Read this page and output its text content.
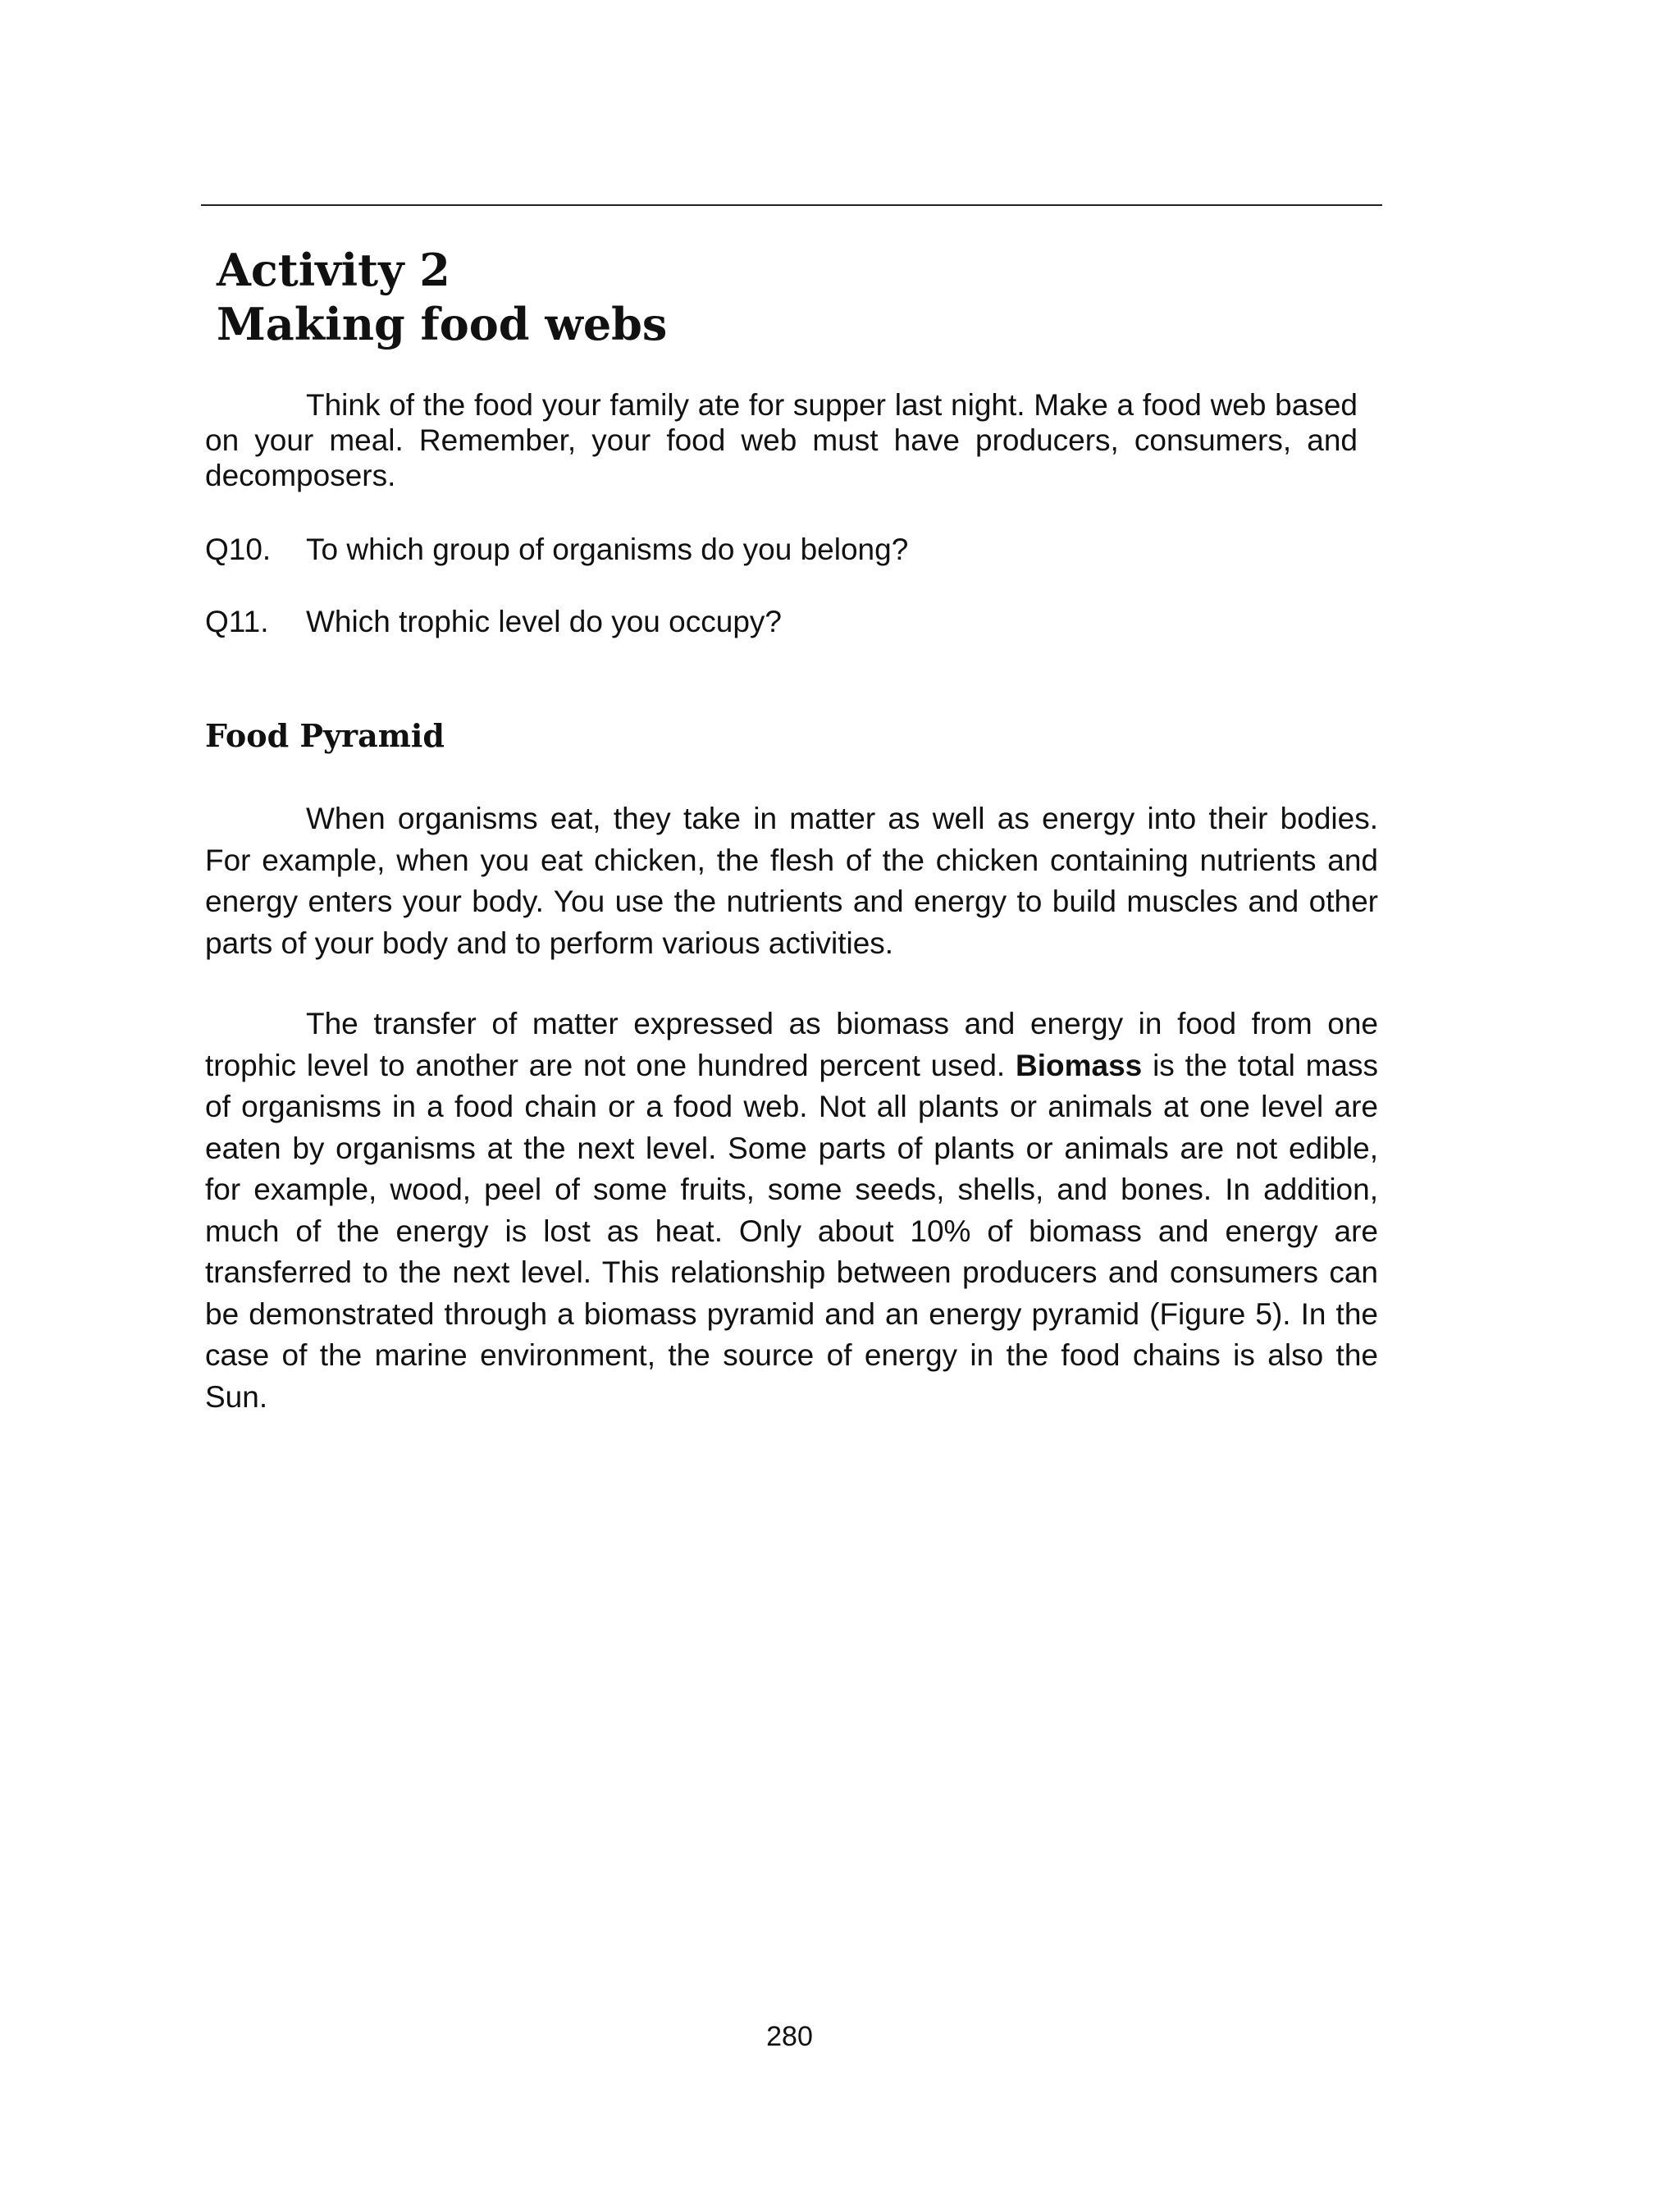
Activity 2
Making food webs

Think of the food your family ate for supper last night. Make a food web based on your meal. Remember, your food web must have producers, consumers, and decomposers.

Q10. To which group of organisms do you belong?

Q11. Which trophic level do you occupy?

Food Pyramid

When organisms eat, they take in matter as well as energy into their bodies. For example, when you eat chicken, the flesh of the chicken containing nutrients and energy enters your body. You use the nutrients and energy to build muscles and other parts of your body and to perform various activities.

The transfer of matter expressed as biomass and energy in food from one trophic level to another are not one hundred percent used. Biomass is the total mass of organisms in a food chain or a food web. Not all plants or animals at one level are eaten by organisms at the next level. Some parts of plants or animals are not edible, for example, wood, peel of some fruits, some seeds, shells, and bones. In addition, much of the energy is lost as heat. Only about 10% of biomass and energy are transferred to the next level. This relationship between producers and consumers can be demonstrated through a biomass pyramid and an energy pyramid (Figure 5). In the case of the marine environment, the source of energy in the food chains is also the Sun.

280
